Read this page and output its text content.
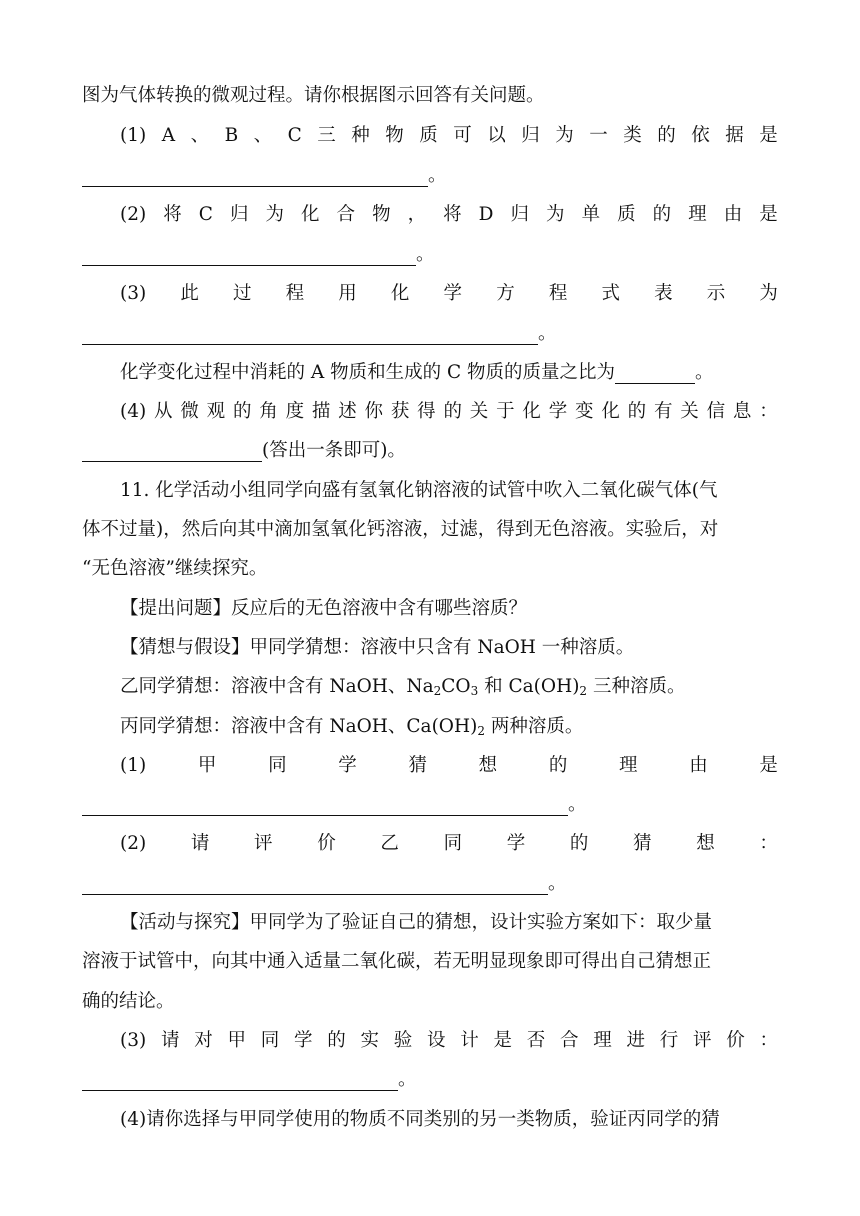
图为气体转换的微观过程。请你根据图示回答有关问题。
(1) A 、 B 、 C 三 种 物 质 可 以 归 为 一 类 的 依 据 是
。
(2) 将 C 归 为 化 合 物 ， 将 D 归 为 单 质 的 理 由 是
。
(3) 此 过 程 用 化 学 方 程 式 表 示 为
。
化学变化过程中消耗的 A 物质和生成的 C 物质的质量之比为	。
(4) 从 微 观 的 角 度 描 述 你 获 得 的 关 于 化 学 变 化 的 有 关 信 息 ：
(答出一条即可)。
11. 化学活动小组同学向盛有氢氧化钠溶液的试管中吹入二氧化碳气体(气
体不过量)，然后向其中滴加氢氧化钙溶液，过滤，得到无色溶液。实验后，对
“无色溶液”继续探究。
【提出问题】反应后的无色溶液中含有哪些溶质？
【猜想与假设】甲同学猜想：溶液中只含有 NaOH 一种溶质。
乙同学猜想：溶液中含有 NaOH、$Na_2CO_3$ 和 $Ca(OH)_2$ 三种溶质。
丙同学猜想：溶液中含有 NaOH、$Ca(OH)_2$ 两种溶质。
(1)	甲	同	学	猜	想	的	理	由	是
。
(2) 请 评 价 乙 同 学 的 猜 想 ：
。
【活动与探究】甲同学为了验证自己的猜想，设计实验方案如下：取少量
溶液于试管中，向其中通入适量二氧化碳，若无明显现象即可得出自己猜想正
确的结论。
(3) 请 对 甲 同 学 的 实 验 设 计 是 否 合 理 进 行 评 价 ：
。
(4)请你选择与甲同学使用的物质不同类别的另一类物质，验证丙同学的猜
